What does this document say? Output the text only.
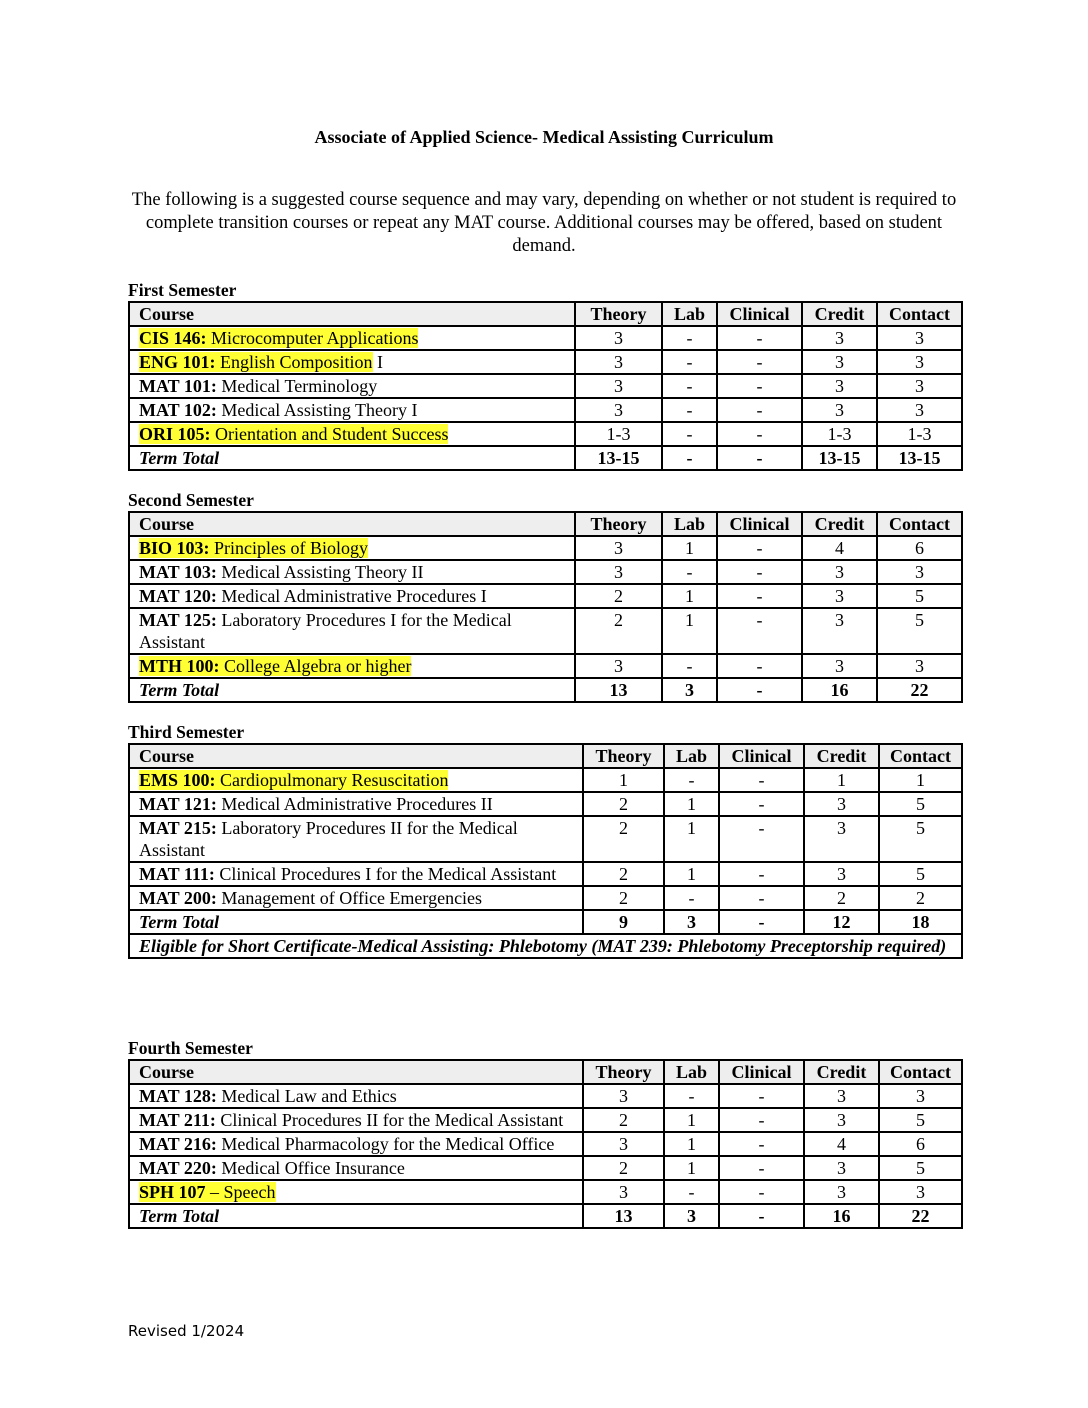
Associate of Applied Science- Medical Assisting Curriculum
The following is a suggested course sequence and may vary, depending on whether or not student is required to complete transition courses or repeat any MAT course. Additional courses may be offered, based on student demand.
First Semester
Course	Theory	Lab	Clinical	Credit	Contact
CIS 146: Microcomputer Applications	3	-	-	3	3
ENG 101: English Composition I	3	-	-	3	3
MAT 101: Medical Terminology	3	-	-	3	3
MAT 102: Medical Assisting Theory I	3	-	-	3	3
ORI 105: Orientation and Student Success	1-3	-	-	1-3	1-3
Term Total	13-15	-	-	13-15	13-15
Second Semester
Course	Theory	Lab	Clinical	Credit	Contact
BIO 103: Principles of Biology	3	1	-	4	6
MAT 103: Medical Assisting Theory II	3	-	-	3	3
MAT 120: Medical Administrative Procedures I	2	1	-	3	5
MAT 125: Laboratory Procedures I for the Medical Assistant	2	1	-	3	5
MTH 100: College Algebra or higher	3	-	-	3	3
Term Total	13	3	-	16	22
Third Semester
Course	Theory	Lab	Clinical	Credit	Contact
EMS 100: Cardiopulmonary Resuscitation	1	-	-	1	1
MAT 121: Medical Administrative Procedures II	2	1	-	3	5
MAT 215: Laboratory Procedures II for the Medical Assistant	2	1	-	3	5
MAT 111: Clinical Procedures I for the Medical Assistant	2	1	-	3	5
MAT 200: Management of Office Emergencies	2	-	-	2	2
Term Total	9	3	-	12	18
Eligible for Short Certificate-Medical Assisting: Phlebotomy (MAT 239: Phlebotomy Preceptorship required)					
Fourth Semester
Course	Theory	Lab	Clinical	Credit	Contact
MAT 128: Medical Law and Ethics	3	-	-	3	3
MAT 211: Clinical Procedures II for the Medical Assistant	2	1	-	3	5
MAT 216: Medical Pharmacology for the Medical Office	3	1	-	4	6
MAT 220: Medical Office Insurance	2	1	-	3	5
SPH 107 – Speech	3	-	-	3	3
Term Total	13	3	-	16	22
Revised 1/2024
